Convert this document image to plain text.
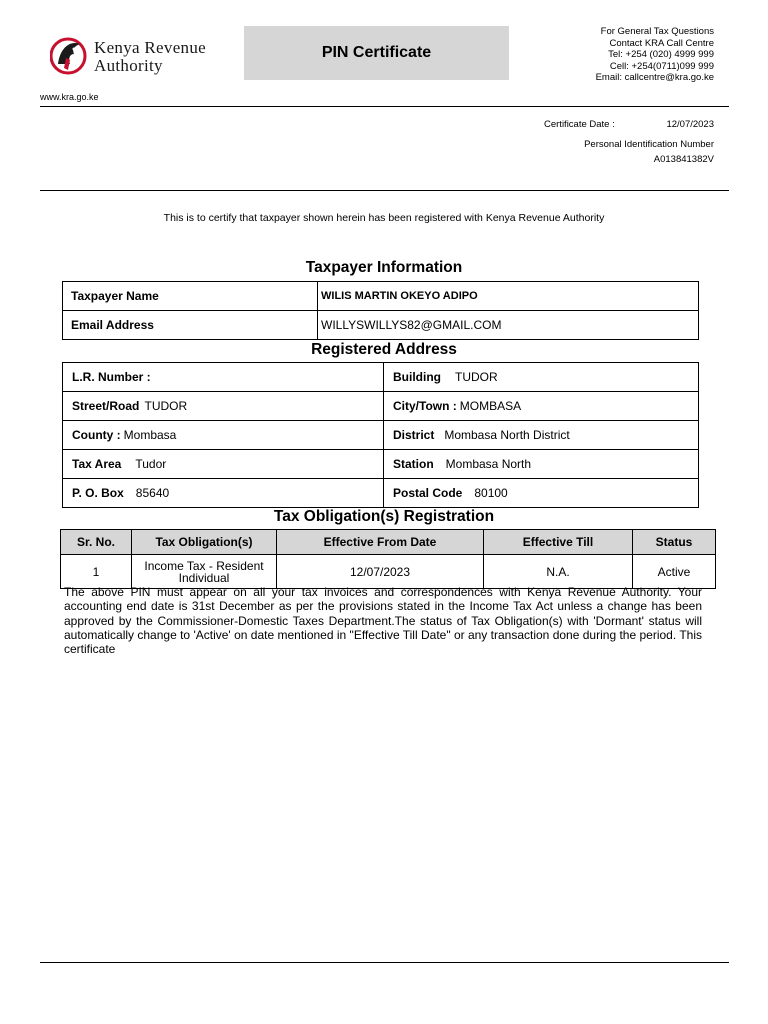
Kenya Revenue
Authority
PIN Certificate
For General Tax Questions
Contact KRA Call Centre
Tel: +254 (020) 4999 999
Cell: +254(0711)099 999
Email: callcentre@kra.go.ke
www.kra.go.ke
Certificate Date :	12/07/2023
Personal Identification Number
A013841382V
This is to certify that taxpayer shown herein has been registered with Kenya Revenue Authority
Taxpayer Information
Taxpayer Name	WILIS MARTIN OKEYO ADIPO
Email Address	WILLYSWILLYS82@GMAIL.COM
Registered Address
L.R. Number :	Building TUDOR
Street/Road TUDOR	City/Town : MOMBASA
County : Mombasa	District Mombasa North District
Tax Area Tudor	Station Mombasa North
P. O. Box 85640	Postal Code 80100
Tax Obligation(s) Registration
Sr. No.	Tax Obligation(s)	Effective From Date	Effective Till	Status
1	Income Tax - Resident Individual	12/07/2023	N.A.	Active
The above PIN must appear on all your tax invoices and correspondences with Kenya Revenue Authority. Your accounting end date is 31st December as per the provisions stated in the Income Tax Act unless a change has been approved by the Commissioner-Domestic Taxes Department.The status of Tax Obligation(s) with 'Dormant' status will automatically change to 'Active' on date mentioned in "Effective Till Date" or any transaction done during the period. This certificate
